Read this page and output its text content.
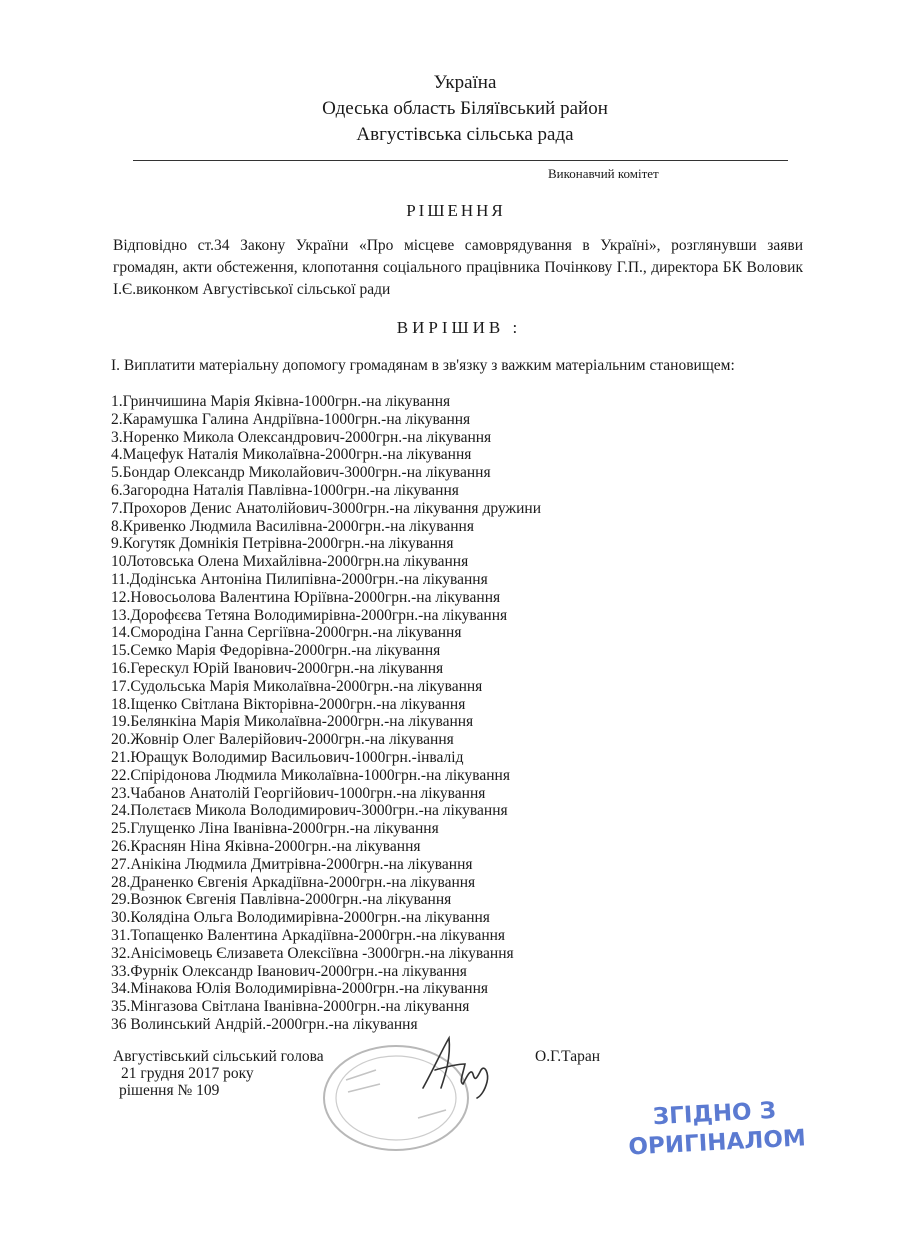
Україна
Одеська область Біляївський район
Августівська сільська рада
Виконавчий комітет
РІШЕННЯ
Відповідно ст.34 Закону України «Про місцеве самоврядування в Україні», розглянувши заяви громадян, акти обстеження, клопотання соціального працівника Почінкову Г.П., директора БК Воловик І.Є.виконком Августівської сільської ради
ВИРІШИВ :
І. Виплатити матеріальну допомогу громадянам в зв'язку з важким матеріальним становищем:
1.Гринчишина Марія Яківна-1000грн.-на лікування
2.Карамушка Галина Андріївна-1000грн.-на лікування
3.Норенко Микола Олександрович-2000грн.-на лікування
4.Мацефук Наталія Миколаївна-2000грн.-на лікування
5.Бондар Олександр Миколайович-3000грн.-на лікування
6.Загородна Наталія Павлівна-1000грн.-на лікування
7.Прохоров Денис Анатолійович-3000грн.-на лікування дружини
8.Кривенко Людмила Василівна-2000грн.-на лікування
9.Когутяк Домнікія Петрівна-2000грн.-на лікування
10Лотовська Олена Михайлівна-2000грн.на лікування
11.Додінська Антоніна Пилипівна-2000грн.-на лікування
12.Новосьолова Валентина Юріївна-2000грн.-на лікування
13.Дорофєєва Тетяна Володимирівна-2000грн.-на лікування
14.Смородіна Ганна Сергіївна-2000грн.-на лікування
15.Семко Марія Федорівна-2000грн.-на лікування
16.Герескул Юрій Іванович-2000грн.-на лікування
17.Судольська Марія Миколаївна-2000грн.-на лікування
18.Іщенко Світлана Вікторівна-2000грн.-на лікування
19.Белянкіна Марія Миколаївна-2000грн.-на лікування
20.Жовнір Олег Валерійович-2000грн.-на лікування
21.Юращук Володимир Васильович-1000грн.-інвалід
22.Спірідонова Людмила Миколаївна-1000грн.-на лікування
23.Чабанов Анатолій Георгійович-1000грн.-на лікування
24.Полєтаєв Микола Володимирович-3000грн.-на лікування
25.Глущенко Ліна Іванівна-2000грн.-на лікування
26.Краснян Ніна Яківна-2000грн.-на лікування
27.Анікіна Людмила Дмитрівна-2000грн.-на лікування
28.Драненко Євгенія Аркадіївна-2000грн.-на лікування
29.Вознюк Євгенія Павлівна-2000грн.-на лікування
30.Колядіна Ольга Володимирівна-2000грн.-на лікування
31.Топащенко Валентина Аркадіївна-2000грн.-на лікування
32.Анісімовець Єлизавета Олексіївна -3000грн.-на лікування
33.Фурнік Олександр Іванович-2000грн.-на лікування
34.Мінакова Юлія Володимирівна-2000грн.-на лікування
35.Мінгазова Світлана Іванівна-2000грн.-на лікування
36 Волинський Андрій.-2000грн.-на лікування
Августівський сільський голова
21 грудня 2017 року
рішення № 109
О.Г.Таран
ЗГІДНО З
ОРИГІНАЛОМ
